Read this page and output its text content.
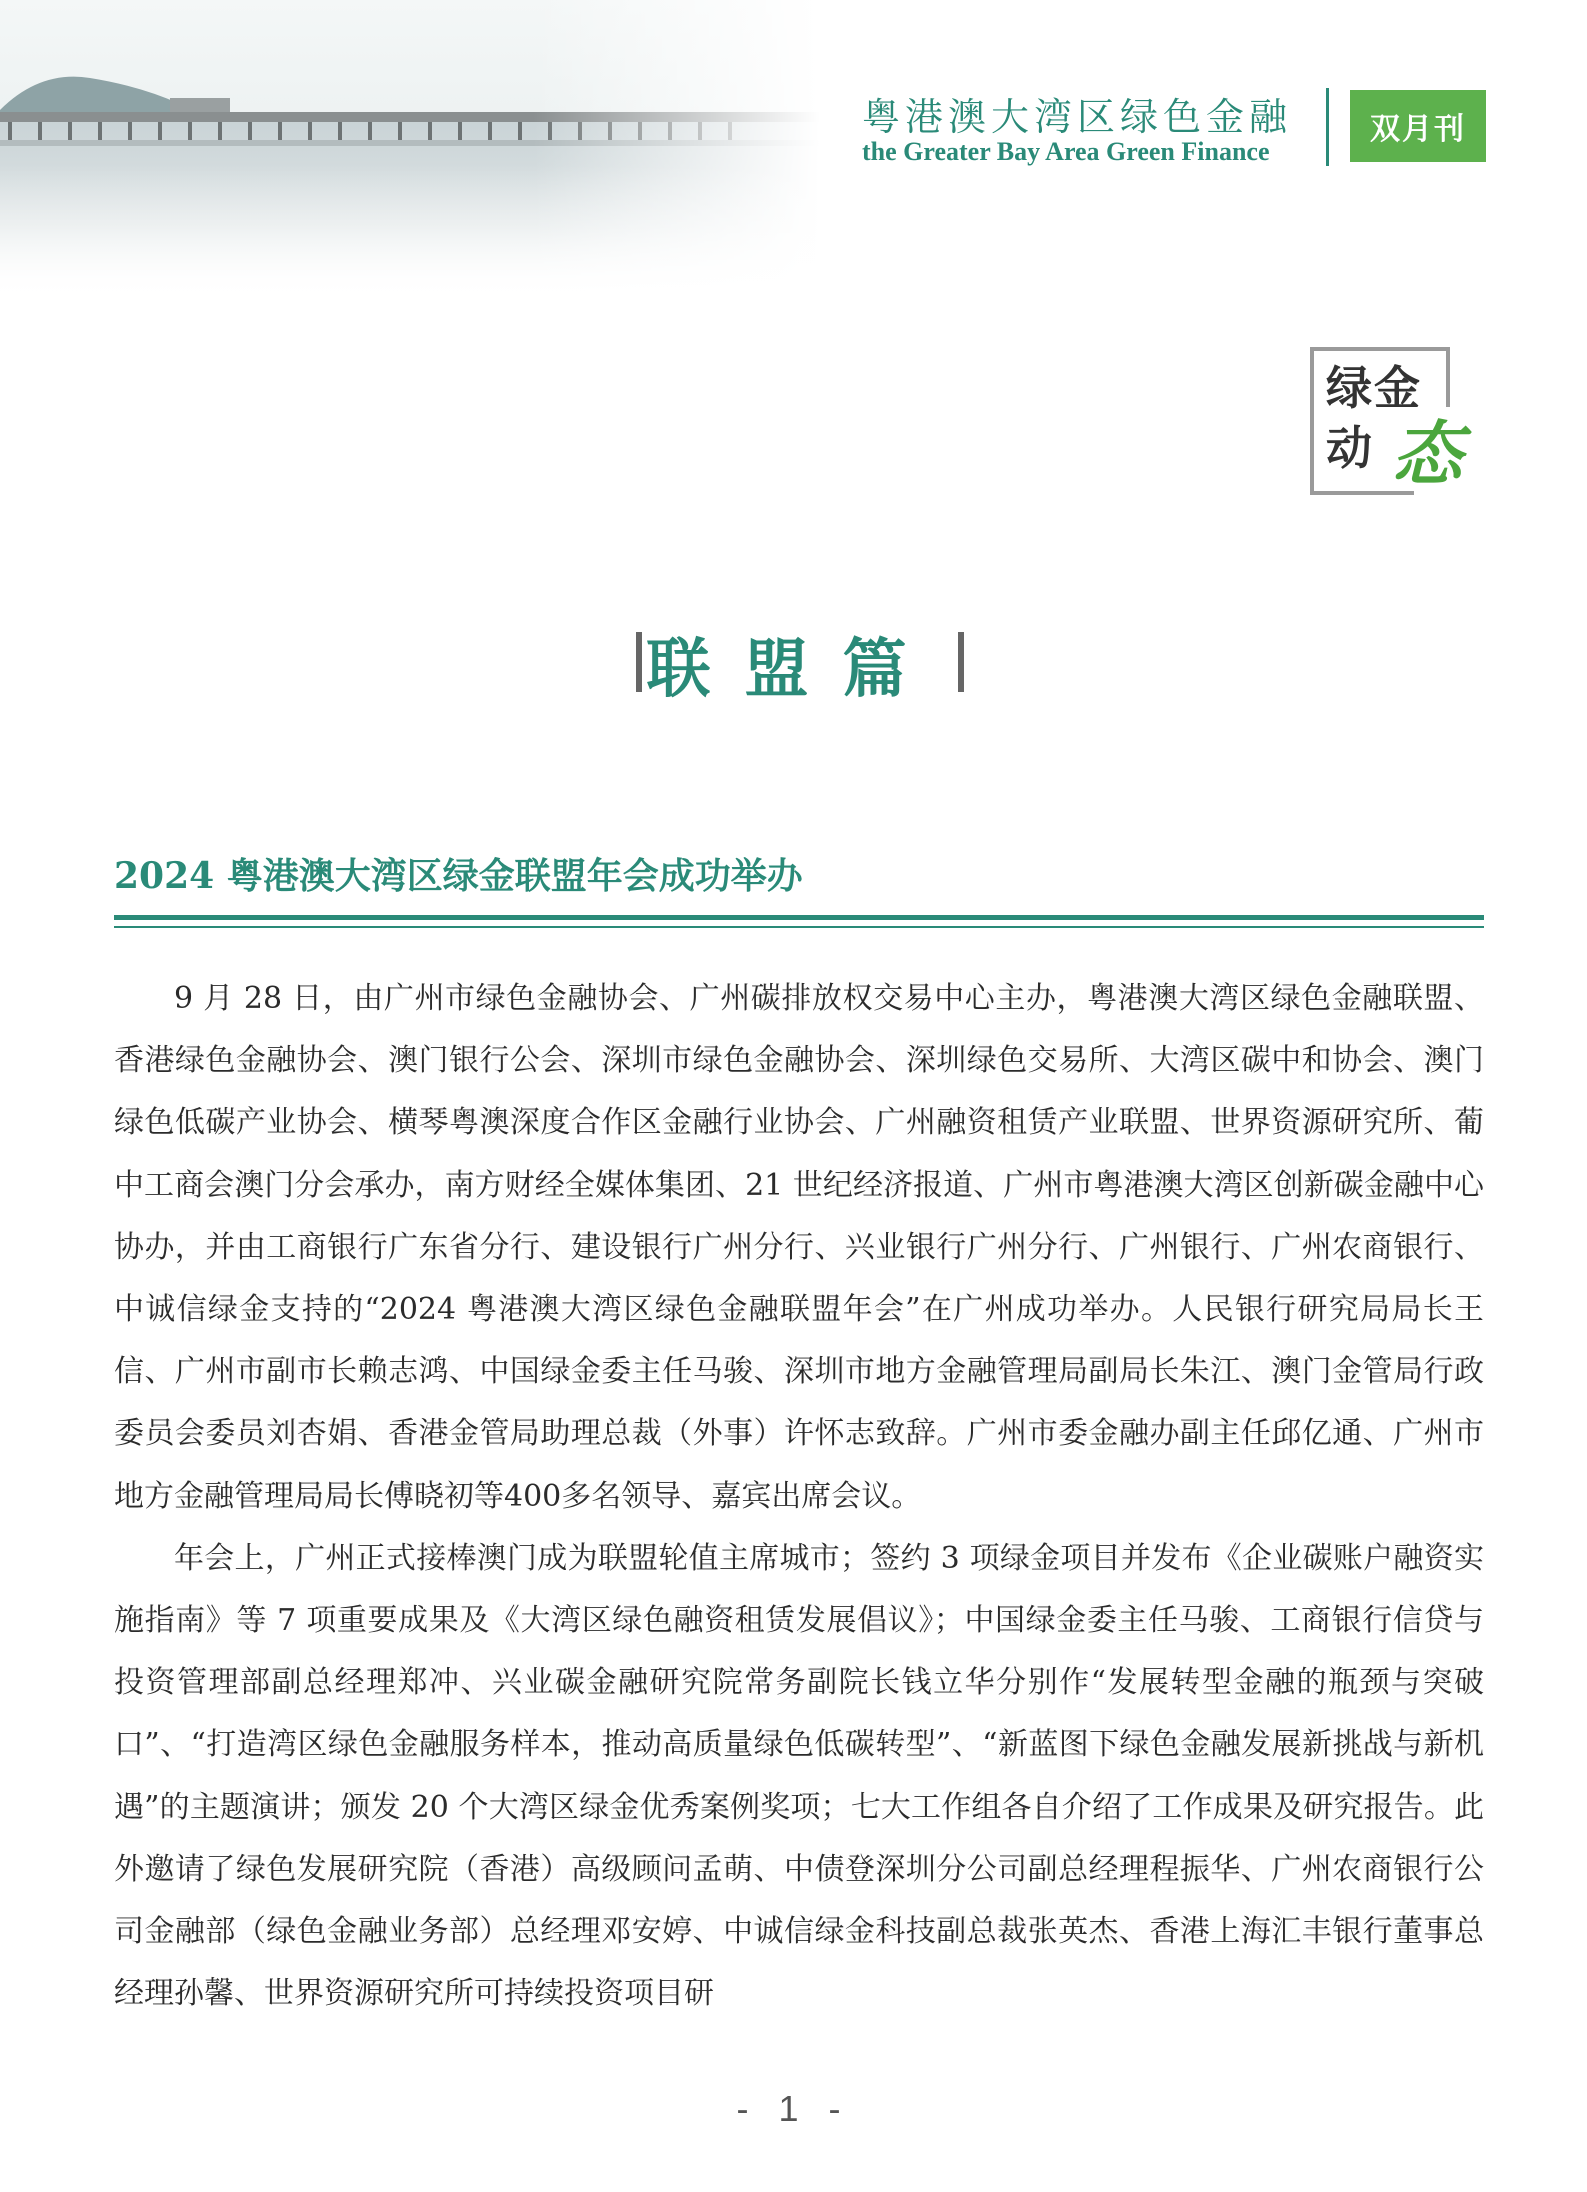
粤港澳大湾区绿色金融
the Greater Bay Area Green Finance
双月刊
绿金
动 态
联盟篇
2024 粤港澳大湾区绿金联盟年会成功举办

9 月 28 日，由广州市绿色金融协会、广州碳排放权交易中心主办，粤港澳大湾区绿色金融联盟、香港绿色金融协会、澳门银行公会、深圳市绿色金融协会、深圳绿色交易所、大湾区碳中和协会、澳门绿色低碳产业协会、横琴粤澳深度合作区金融行业协会、广州融资租赁产业联盟、世界资源研究所、葡中工商会澳门分会承办，南方财经全媒体集团、21 世纪经济报道、广州市粤港澳大湾区创新碳金融中心协办，并由工商银行广东省分行、建设银行广州分行、兴业银行广州分行、广州银行、广州农商银行、中诚信绿金支持的“2024 粤港澳大湾区绿色金融联盟年会”在广州成功举办。人民银行研究局局长王信、广州市副市长赖志鸿、中国绿金委主任马骏、深圳市地方金融管理局副局长朱江、澳门金管局行政委员会委员刘杏娟、香港金管局助理总裁（外事）许怀志致辞。广州市委金融办副主任邱亿通、广州市地方金融管理局局长傅晓初等400多名领导、嘉宾出席会议。

年会上，广州正式接棒澳门成为联盟轮值主席城市；签约 3 项绿金项目并发布《企业碳账户融资实施指南》等 7 项重要成果及《大湾区绿色融资租赁发展倡议》；中国绿金委主任马骏、工商银行信贷与投资管理部副总经理郑冲、兴业碳金融研究院常务副院长钱立华分别作“发展转型金融的瓶颈与突破口”、“打造湾区绿色金融服务样本，推动高质量绿色低碳转型”、“新蓝图下绿色金融发展新挑战与新机遇”的主题演讲；颁发 20 个大湾区绿金优秀案例奖项；七大工作组各自介绍了工作成果及研究报告。此外邀请了绿色发展研究院（香港）高级顾问孟萌、中债登深圳分公司副总经理程振华、广州农商银行公司金融部（绿色金融业务部）总经理邓安婷、中诚信绿金科技副总裁张英杰、香港上海汇丰银行董事总经理孙馨、世界资源研究所可持续投资项目研

- 1 -
